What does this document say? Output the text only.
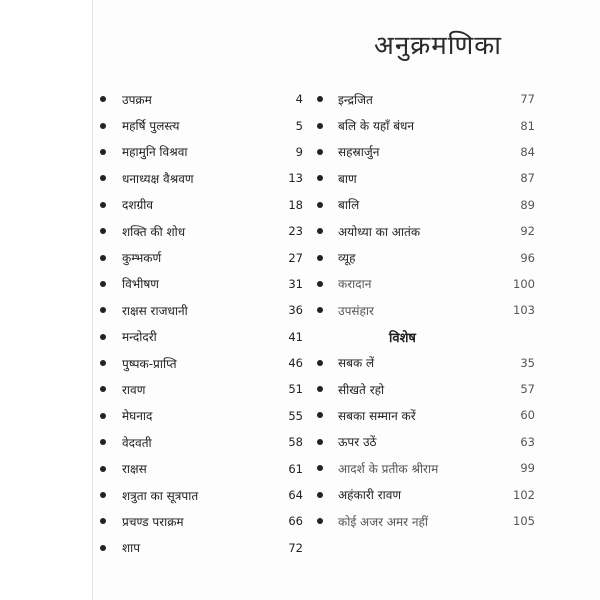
अनुक्रमणिका
उपक्रम	4
महर्षि पुलस्त्य	5
महामुनि विश्रवा	9
धनाध्यक्ष वैश्रवण	13
दशग्रीव	18
शक्ति की शोध	23
कुम्भकर्ण	27
विभीषण	31
राक्षस राजधानी	36
मन्दोदरी	41
पुष्पक-प्राप्ति	46
रावण	51
मेघनाद	55
वेदवती	58
राक्षस	61
शत्रुता का सूत्रपात	64
प्रचण्ड पराक्रम	66
शाप	72
इन्द्रजित	77
बलि के यहाँ बंधन	81
सहस्रार्जुन	84
बाण	87
बालि	89
अयोध्या का आतंक	92
व्यूह	96
करादान	100
उपसंहार	103
विशेष
सबक लें	35
सीखते रहो	57
सबका सम्मान करें	60
ऊपर उठें	63
आदर्श के प्रतीक श्रीराम	99
अहंकारी रावण	102
कोई अजर अमर नहीं	105
